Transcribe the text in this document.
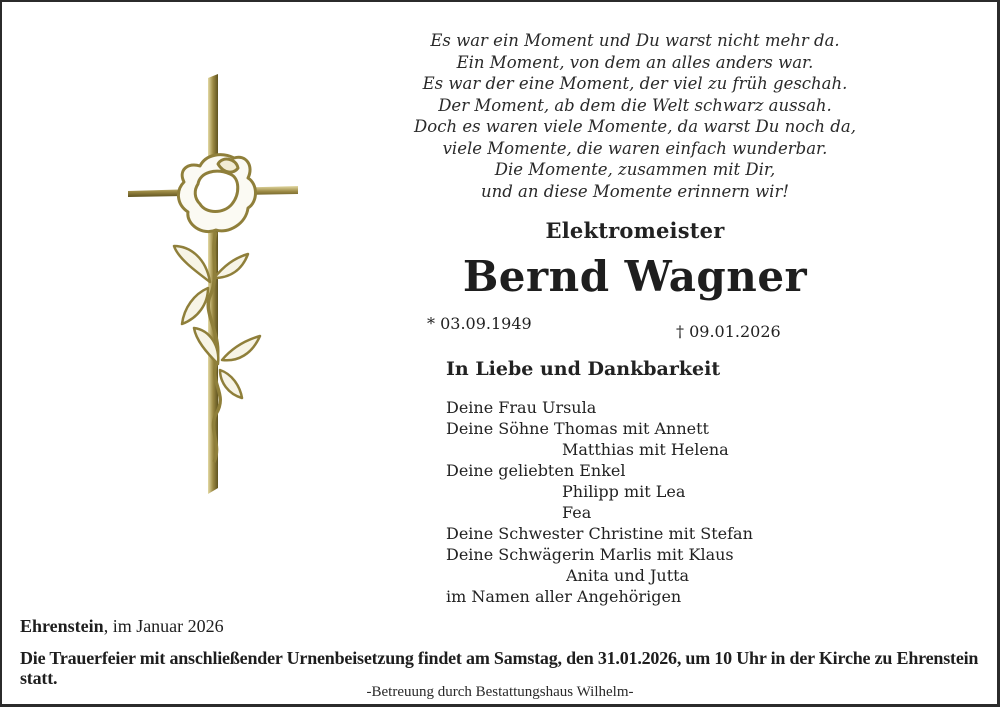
Es war ein Moment und Du warst nicht mehr da.
Ein Moment, von dem an alles anders war.
Es war der eine Moment, der viel zu früh geschah.
Der Moment, ab dem die Welt schwarz aussah.
Doch es waren viele Momente, da warst Du noch da,
viele Momente, die waren einfach wunderbar.
Die Momente, zusammen mit Dir,
und an diese Momente erinnern wir!
Elektromeister
Bernd Wagner
* 03.09.1949	† 09.01.2026
In Liebe und Dankbarkeit
Deine Frau Ursula
Deine Söhne Thomas mit Annett
Matthias mit Helena
Deine geliebten Enkel
Philipp mit Lea
Fea
Deine Schwester Christine mit Stefan
Deine Schwägerin Marlis mit Klaus
Anita und Jutta
im Namen aller Angehörigen
Ehrenstein, im Januar 2026
Die Trauerfeier mit anschließender Urnenbeisetzung findet am Samstag, den 31.01.2026, um 10 Uhr in der Kirche zu Ehrenstein statt.
-Betreuung durch Bestattungshaus Wilhelm-
